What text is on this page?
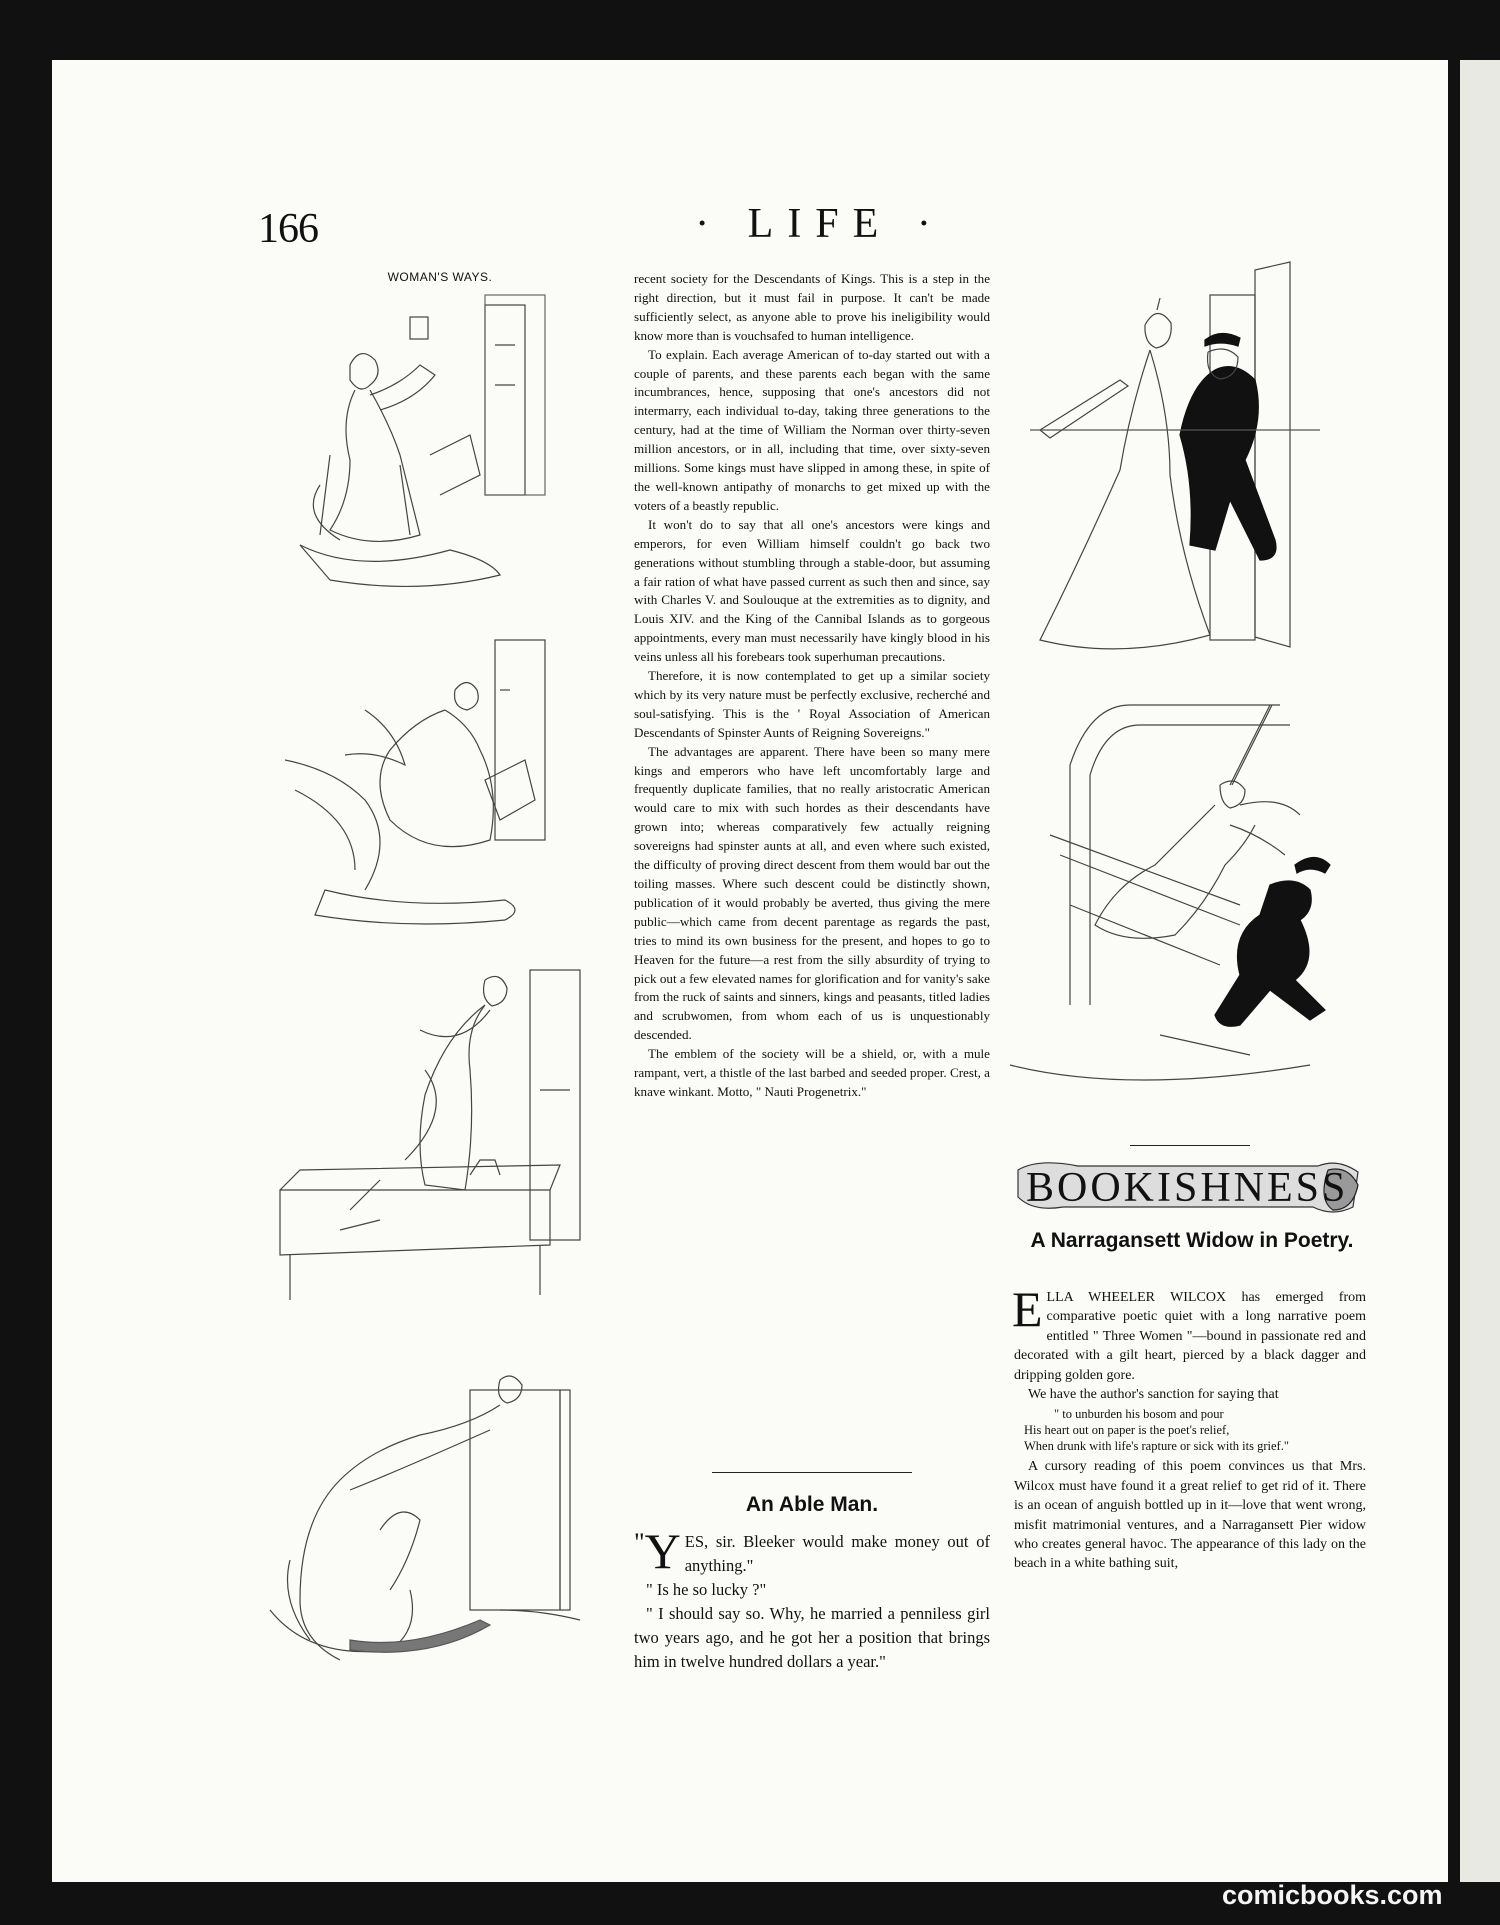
166	· LIFE ·
WOMAN'S WAYS.	recent society for the Descendants of Kings. This is a step in the right direction, but it must fail in purpose. It can't be made sufficiently select, as anyone able to prove his ineligibility would know more than is vouchsafed to human intelligence.

To explain. Each average American of to-day started out with a couple of parents, and these parents each began with the same incumbrances, hence, supposing that one's ancestors did not intermarry, each individual to-day, taking three generations to the century, had at the time of William the Norman over thirty-seven million ancestors, or in all, including that time, over sixty-seven millions. Some kings must have slipped in among these, in spite of the well-known antipathy of monarchs to get mixed up with the voters of a beastly republic.

It won't do to say that all one's ancestors were kings and emperors, for even William himself couldn't go back two generations without stumbling through a stable-door, but assuming a fair ration of what have passed current as such then and since, say with Charles V. and Soulouque at the extremities as to dignity, and Louis XIV. and the King of the Cannibal Islands as to gorgeous appointments, every man must necessarily have kingly blood in his veins unless all his forebears took superhuman precautions.

Therefore, it is now contemplated to get up a similar society which by its very nature must be perfectly exclusive, recherché and soul-satisfying. This is the ' Royal Association of American Descendants of Spinster Aunts of Reigning Sovereigns."

The advantages are apparent. There have been so many mere kings and emperors who have left uncomfortably large and frequently duplicate families, that no really aristocratic American would care to mix with such hordes as their descendants have grown into; whereas comparatively few actually reigning sovereigns had spinster aunts at all, and even where such existed, the difficulty of proving direct descent from them would bar out the toiling masses. Where such descent could be distinctly shown, publication of it would probably be averted, thus giving the mere public—which came from decent parentage as regards the past, tries to mind its own business for the present, and hopes to go to Heaven for the future—a rest from the silly absurdity of trying to pick out a few elevated names for glorification and for vanity's sake from the ruck of saints and sinners, kings and peasants, titled ladies and scrubwomen, from whom each of us is unquestionably descended.

The emblem of the society will be a shield, or, with a mule rampant, vert, a thistle of the last barbed and seeded proper. Crest, a knave winkant. Motto, " Nauti Progenetrix."

An Able Man.

" Y ES, sir. Bleeker would make money out of anything."

" Is he so lucky ?"

" I should say so. Why, he married a penniless girl two years ago, and he got her a position that brings him in twelve hundred dollars a year."

BOOKISHNESS
A Narragansett Widow in Poetry.

ELLA WHEELER WILCOX has emerged from comparative poetic quiet with a long narrative poem entitled " Three Women "—bound in passionate red and decorated with a gilt heart, pierced by a black dagger and dripping golden gore.

We have the author's sanction for saying that

" to unburden his bosom and pour
His heart out on paper is the poet's relief,
When drunk with life's rapture or sick with its grief."

A cursory reading of this poem convinces us that Mrs. Wilcox must have found it a great relief to get rid of it. There is an ocean of anguish bottled up in it—love that went wrong, misfit matrimonial ventures, and a Narragansett Pier widow who creates general havoc. The appearance of this lady on the beach in a white bathing suit,

comicbooks.com
